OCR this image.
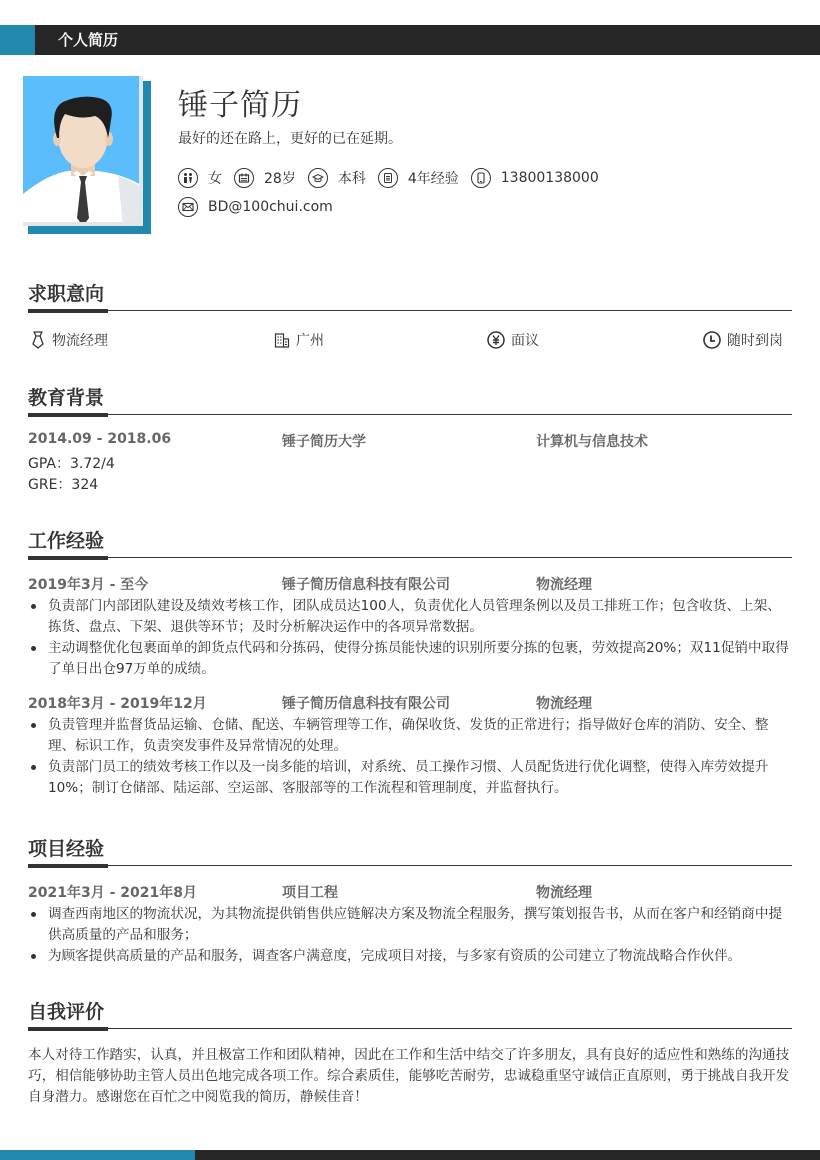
个人简历
锤子简历
最好的还在路上，更好的已在延期。
女	28岁	本科	4年经验	13800138000
BD@100chui.com
求职意向
物流经理	广州	面议	随时到岗
教育背景
2014.09 - 2018.06	锤子简历大学	计算机与信息技术
GPA：3.72/4
GRE：324
工作经验
2019年3月 - 至今	锤子简历信息科技有限公司	物流经理
负责部门内部团队建设及绩效考核工作，团队成员达100人，负责优化人员管理条例以及员工排班工作；包含收货、上架、拣货、盘点、下架、退供等环节；及时分析解决运作中的各项异常数据。
主动调整优化包裹面单的卸货点代码和分拣码，使得分拣员能快速的识别所要分拣的包裹，劳效提高20%；双11促销中取得了单日出仓97万单的成绩。
2018年3月 - 2019年12月	锤子简历信息科技有限公司	物流经理
负责管理并监督货品运输、仓储、配送、车辆管理等工作，确保收货、发货的正常进行；指导做好仓库的消防、安全、整理、标识工作，负责突发事件及异常情况的处理。
负责部门员工的绩效考核工作以及一岗多能的培训，对系统、员工操作习惯、人员配货进行优化调整，使得入库劳效提升10%；制订仓储部、陆运部、空运部、客服部等的工作流程和管理制度，并监督执行。
项目经验
2021年3月 - 2021年8月	项目工程	物流经理
调查西南地区的物流状况，为其物流提供销售供应链解决方案及物流全程服务，撰写策划报告书，从而在客户和经销商中提供高质量的产品和服务；
为顾客提供高质量的产品和服务，调查客户满意度，完成项目对接，与多家有资质的公司建立了物流战略合作伙伴。
自我评价
本人对待工作踏实，认真，并且极富工作和团队精神，因此在工作和生活中结交了许多朋友，具有良好的适应性和熟练的沟通技巧，相信能够协助主管人员出色地完成各项工作。综合素质佳，能够吃苦耐劳，忠诚稳重坚守诚信正直原则，勇于挑战自我开发自身潜力。感谢您在百忙之中阅览我的简历，静候佳音！
